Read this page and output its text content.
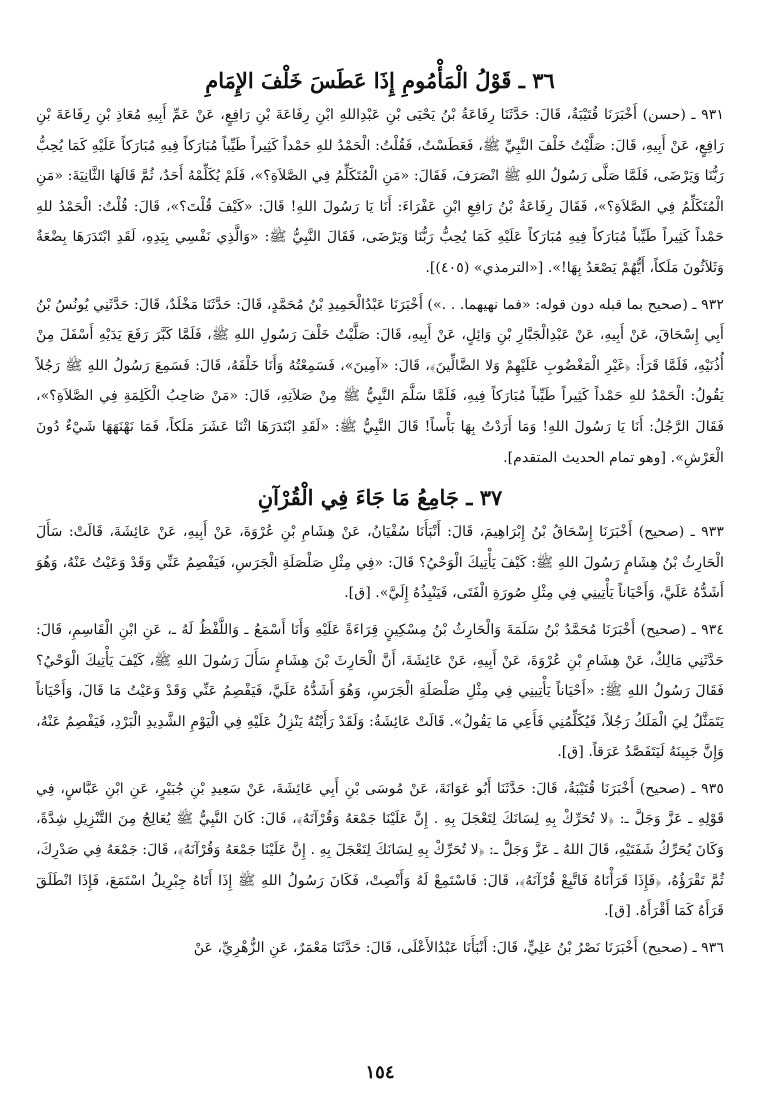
٣٦ ـ قَوْلُ الْمَأْمُومِ إِذَا عَطَسَ خَلْفَ الإِمَامِ

٩٣١ ـ (حسن) أَخْبَرَنَا قُتَيْبَةُ، قَالَ: حَدَّثَنَا رِفَاعَةُ بْنُ يَحْيَى بْنِ عَبْدِاللهِ ابْنِ رِفَاعَةَ بْنِ رَافِعٍ، عَنْ عَمِّ أَبِيهِ مُعَاذِ بْنِ رِفَاعَةَ بْنِ رَافِعٍ، عَنْ أَبِيهِ، قَالَ: صَلَّيْتُ خَلْفَ النَّبِيِّ ﷺ، فَعَطَسْتُ، فَقُلْتُ: الْحَمْدُ للهِ حَمْداً كَثِيراً طَيِّباً مُبَارَكاً فِيهِ مُبَارَكاً عَلَيْهِ كَمَا يُحِبُّ رَبُّنَا وَيَرْضَى، فَلَمَّا صَلَّى رَسُولُ اللهِ ﷺ انْصَرَفَ، فَقَالَ: «مَنِ الْمُتَكَلِّمُ فِي الصَّلاَةِ؟»، فَلَمْ يُكَلِّمْهُ أَحَدٌ، ثُمَّ قَالَهَا الثَّانِيَةَ: «مَنِ الْمُتَكَلِّمُ فِي الصَّلاَةِ؟»، فَقَالَ رِفَاعَةُ بْنُ رَافِعِ ابْنِ عَفْرَاءَ: أَنَا يَا رَسُولَ اللهِ! قَالَ: «كَيْفَ قُلْتَ؟»، قَالَ: قُلْتُ: الْحَمْدُ للهِ حَمْداً كَثِيراً طَيِّباً مُبَارَكاً فِيهِ مُبَارَكاً عَلَيْهِ كَمَا يُحِبُّ رَبُّنَا وَيَرْضَى، فَقَالَ النَّبِيُّ ﷺ: «وَالَّذِي نَفْسِي بِيَدِهِ، لَقَدِ ابْتَدَرَهَا بِضْعَةٌ وَثَلاَثُونَ مَلَكاً، أَيُّهُمْ يَصْعَدُ بِهَا!». [«الترمذي» (٤٠٥)].

٩٣٢ ـ (صحيح بما قبله دون قوله: «فما نهيهما. . .») أَخْبَرَنَا عَبْدُالْحَمِيدِ بْنُ مُحَمَّدٍ، قَالَ: حَدَّثَنَا مَخْلَدٌ، قَالَ: حَدَّثَنِي يُونُسُ بْنُ أَبِي إِسْحَاقَ، عَنْ أَبِيهِ، عَنْ عَبْدِالْجَبَّارِ بْنِ وَائِلٍ، عَنْ أَبِيهِ، قَالَ: صَلَّيْتُ خَلْفَ رَسُولِ اللهِ ﷺ، فَلَمَّا كَبَّرَ رَفَعَ يَدَيْهِ أَسْفَلَ مِنْ أُذُنَيْهِ، فَلَمَّا قَرَأَ: ﴿غَيْرِ الْمَغْضُوبِ عَلَيْهِمْ وَلا الضَّالِّينَ﴾، قَالَ: «آمِينَ»، فَسَمِعْتُهُ وَأَنَا خَلْفَهُ، قَالَ: فَسَمِعَ رَسُولُ اللهِ ﷺ رَجُلاً يَقُولُ: الْحَمْدُ للهِ حَمْداً كَثِيراً طَيِّباً مُبَارَكاً فِيهِ، فَلَمَّا سَلَّمَ النَّبِيُّ ﷺ مِنْ صَلاَتِهِ، قَالَ: «مَنْ صَاحِبُ الْكَلِمَةِ فِي الصَّلاَةِ؟»، فَقَالَ الرَّجُلُ: أَنَا يَا رَسُولَ اللهِ! وَمَا أَرَدْتُ بِهَا بَأْساً! قَالَ النَّبِيُّ ﷺ: «لَقَدِ ابْتَدَرَهَا اثْنَا عَشَرَ مَلَكاً، فَمَا نَهْنَهَهَا شَيْءٌ دُونَ الْعَرْشِ». [وهو تمام الحديث المتقدم].

٣٧ ـ جَامِعُ مَا جَاءَ فِي الْقُرْآنِ

٩٣٣ ـ (صحيح) أَخْبَرَنَا إِسْحَاقُ بْنُ إِبْرَاهِيمَ، قَالَ: أَنْبَأَنَا سُفْيَانُ، عَنْ هِشَامِ بْنِ عُرْوَةَ، عَنْ أَبِيهِ، عَنْ عَائِشَةَ، قَالَتْ: سَأَلَ الْحَارِثُ بْنُ هِشَامٍ رَسُولَ اللهِ ﷺ: كَيْفَ يَأْتِيكَ الْوَحْيُ؟ قَالَ: «فِي مِثْلِ صَلْصَلَةِ الْجَرَسِ، فَيَفْصِمُ عَنِّي وَقَدْ وَعَيْتُ عَنْهُ، وَهُوَ أَشَدُّهُ عَلَيَّ، وَأَحْيَاناً يَأْتِينِي فِي مِثْلِ صُورَةِ الْفَتَى، فَيَنْبِذُهُ إِلَيَّ». [ق].

٩٣٤ ـ (صحيح) أَخْبَرَنَا مُحَمَّدُ بْنُ سَلَمَةَ وَالْحَارِثُ بْنُ مِسْكِينٍ قِرَاءَةً عَلَيْهِ وَأَنَا أَسْمَعُ ـ وَاللَّفْظُ لَهُ ـ، عَنِ ابْنِ الْقَاسِمِ، قَالَ: حَدَّثَنِي مَالِكٌ، عَنْ هِشَامِ بْنِ عُرْوَةَ، عَنْ أَبِيهِ، عَنْ عَائِشَةَ، أَنَّ الْحَارِثَ بْنَ هِشَامٍ سَأَلَ رَسُولَ اللهِ ﷺ، كَيْفَ يَأْتِيكَ الْوَحْيُ؟ فَقَالَ رَسُولُ اللهِ ﷺ: «أَحْيَاناً يَأْتِينِي فِي مِثْلِ صَلْصَلَةِ الْجَرَسِ، وَهُوَ أَشَدُّهُ عَلَيَّ، فَيَفْصِمُ عَنِّي وَقَدْ وَعَيْتُ مَا قَالَ، وَأَحْيَاناً يَتَمَثَّلُ لِيَ الْمَلَكُ رَجُلاً، فَيُكَلِّمُنِي فَأَعِي مَا يَقُولُ». قَالَتْ عَائِشَةُ: وَلَقَدْ رَأَيْتُهُ يَنْزِلُ عَلَيْهِ فِي الْيَوْمِ الشَّدِيدِ الْبَرْدِ، فَيَفْصِمُ عَنْهُ، وَإِنَّ جَبِينَهُ لَيَتَفَصَّدُ عَرَقاً. [ق].

٩٣٥ ـ (صحيح) أَخْبَرَنَا قُتَيْبَةُ، قَالَ: حَدَّثَنَا أَبُو عَوَانَةَ، عَنْ مُوسَى بْنِ أَبِي عَائِشَةَ، عَنْ سَعِيدِ بْنِ جُبَيْرٍ، عَنِ ابْنِ عَبَّاسٍ، فِي قَوْلِهِ ـ عَزَّ وَجَلَّ ـ: ﴿لا تُحَرِّكْ بِهِ لِسَانَكَ لِتَعْجَلَ بِهِ . إِنَّ عَلَيْنَا جَمْعَهُ وَقُرْآنَهُ﴾، قَالَ: كَانَ النَّبِيُّ ﷺ يُعَالِجُ مِنَ التَّنْزِيلِ شِدَّةً، وَكَانَ يُحَرِّكُ شَفَتَيْهِ، قَالَ اللهُ ـ عَزَّ وَجَلَّ ـ: ﴿لا تُحَرِّكْ بِهِ لِسَانَكَ لِتَعْجَلَ بِهِ . إِنَّ عَلَيْنَا جَمْعَهُ وَقُرْآنَهُ﴾، قَالَ: جَمْعَهُ فِي صَدْرِكَ، ثُمَّ تَقْرَؤُهُ، ﴿فَإِذَا قَرَأْنَاهُ فَاتَّبِعْ قُرْآنَهُ﴾، قَالَ: فَاسْتَمِعْ لَهُ وَأَنْصِتْ، فَكَانَ رَسُولُ اللهِ ﷺ إِذَا أَتَاهُ جِبْرِيلُ اسْتَمَعَ، فَإِذَا انْطَلَقَ قَرَأَهُ كَمَا أَقْرَأَهُ. [ق].

٩٣٦ ـ (صحيح) أَخْبَرَنَا نَصْرُ بْنُ عَلِيٍّ، قَالَ: أَنْبَأَنَا عَبْدُالأَعْلَى، قَالَ: حَدَّثَنَا مَعْمَرٌ، عَنِ الزُّهْرِيِّ، عَنْ

١٥٤
